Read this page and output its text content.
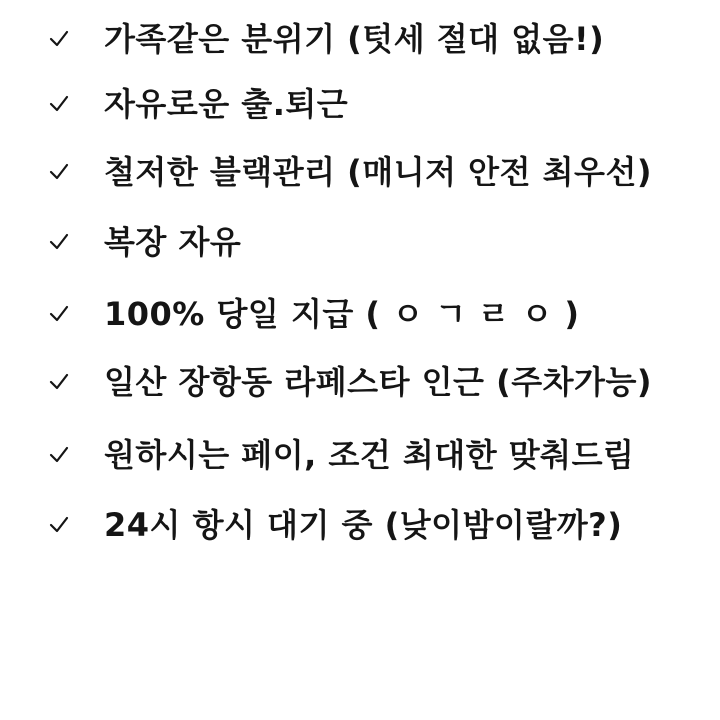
가족같은 분위기 (텃세 절대 없음!)
자유로운 출.퇴근
철저한 블랙관리 (매니저 안전 최우선)
복장 자유
100% 당일 지급 ( ㅇ ㄱ ㄹ ㅇ )
일산 장항동 라페스타 인근 (주차가능)
원하시는 페이, 조건 최대한 맞춰드림
24시 항시 대기 중 (낮이밤이랄까?)
